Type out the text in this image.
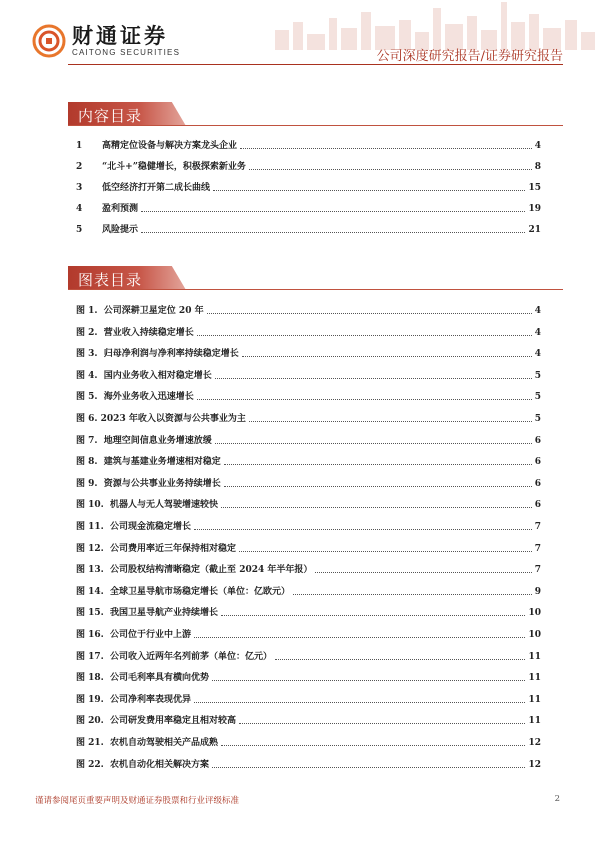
财通证券
CAITONG SECURITIES	公司深度研究报告/证券研究报告
内容目录
1	高精定位设备与解决方案龙头企业	4
2	“北斗+”稳健增长，积极探索新业务	8
3	低空经济打开第二成长曲线	15
4	盈利预测	19
5	风险提示	21
图表目录
图 1.  公司深耕卫星定位 20 年	4
图 2.  营业收入持续稳定增长	4
图 3.  归母净利润与净利率持续稳定增长	4
图 4.  国内业务收入相对稳定增长	5
图 5.  海外业务收入迅速增长	5
图 6. 2023 年收入以资源与公共事业为主	5
图 7.  地理空间信息业务增速放缓	6
图 8.  建筑与基建业务增速相对稳定	6
图 9.  资源与公共事业业务持续增长	6
图 10.  机器人与无人驾驶增速较快	6
图 11.  公司现金流稳定增长	7
图 12.  公司费用率近三年保持相对稳定	7
图 13.  公司股权结构清晰稳定（截止至 2024 年半年报）	7
图 14.  全球卫星导航市场稳定增长（单位：亿欧元）	9
图 15.  我国卫星导航产业持续增长	10
图 16.  公司位于行业中上游	10
图 17.  公司收入近两年名列前茅（单位：亿元）	11
图 18.  公司毛利率具有横向优势	11
图 19.  公司净利率表现优异	11
图 20.  公司研发费用率稳定且相对较高	11
图 21.  农机自动驾驶相关产品成熟	12
图 22.  农机自动化相关解决方案	12
谨请参阅尾页重要声明及财通证券股票和行业评级标准	2
